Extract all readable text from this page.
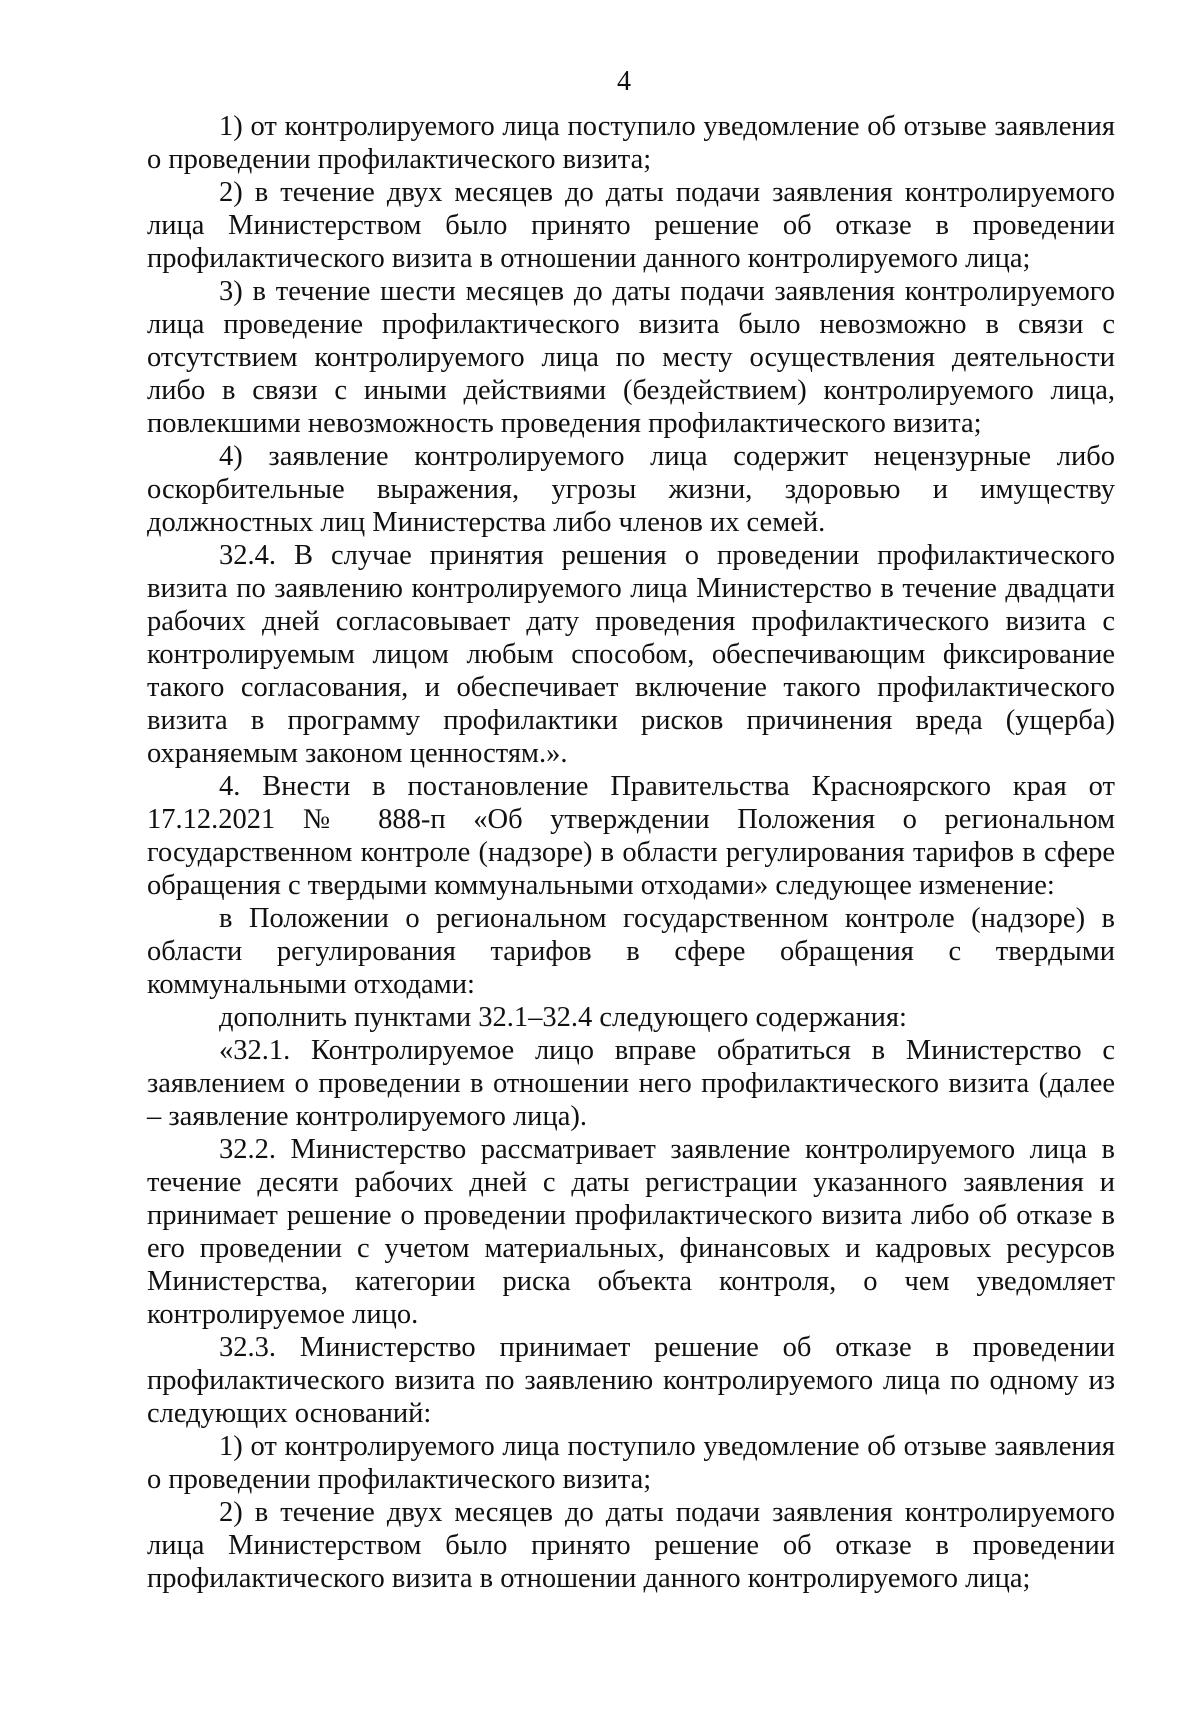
4

1) от контролируемого лица поступило уведомление об отзыве заявления о проведении профилактического визита;

2) в течение двух месяцев до даты подачи заявления контролируемого лица Министерством было принято решение об отказе в проведении профилактического визита в отношении данного контролируемого лица;

3) в течение шести месяцев до даты подачи заявления контролируемого лица проведение профилактического визита было невозможно в связи с отсутствием контролируемого лица по месту осуществления деятельности либо в связи с иными действиями (бездействием) контролируемого лица, повлекшими невозможность проведения профилактического визита;

4) заявление контролируемого лица содержит нецензурные либо оскорбительные выражения, угрозы жизни, здоровью и имуществу должностных лиц Министерства либо членов их семей.

32.4. В случае принятия решения о проведении профилактического визита по заявлению контролируемого лица Министерство в течение двадцати рабочих дней согласовывает дату проведения профилактического визита с контролируемым лицом любым способом, обеспечивающим фиксирование такого согласования, и обеспечивает включение такого профилактического визита в программу профилактики рисков причинения вреда (ущерба) охраняемым законом ценностям.».

4. Внести в постановление Правительства Красноярского края от 17.12.2021 № 888-п «Об утверждении Положения о региональном государственном контроле (надзоре) в области регулирования тарифов в сфере обращения с твердыми коммунальными отходами» следующее изменение:

в Положении о региональном государственном контроле (надзоре) в области регулирования тарифов в сфере обращения с твердыми коммунальными отходами:

дополнить пунктами 32.1–32.4 следующего содержания:

«32.1. Контролируемое лицо вправе обратиться в Министерство с заявлением о проведении в отношении него профилактического визита (далее – заявление контролируемого лица).

32.2. Министерство рассматривает заявление контролируемого лица в течение десяти рабочих дней с даты регистрации указанного заявления и принимает решение о проведении профилактического визита либо об отказе в его проведении с учетом материальных, финансовых и кадровых ресурсов Министерства, категории риска объекта контроля, о чем уведомляет контролируемое лицо.

32.3. Министерство принимает решение об отказе в проведении профилактического визита по заявлению контролируемого лица по одному из следующих оснований:

1) от контролируемого лица поступило уведомление об отзыве заявления о проведении профилактического визита;

2) в течение двух месяцев до даты подачи заявления контролируемого лица Министерством было принято решение об отказе в проведении профилактического визита в отношении данного контролируемого лица;
